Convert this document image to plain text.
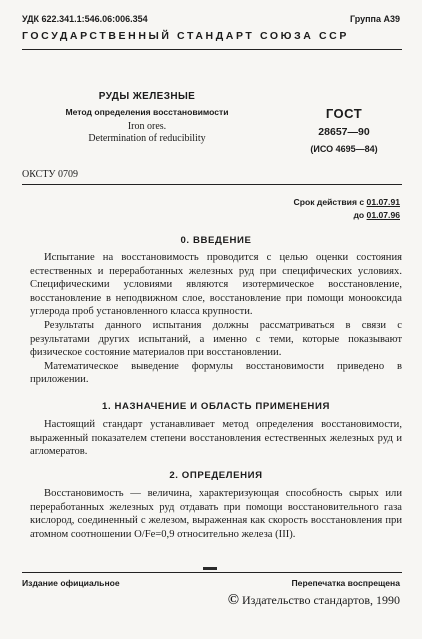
УДК 622.341.1:546.06:006.354	Группа А39
ГОСУДАРСТВЕННЫЙ СТАНДАРТ СОЮЗА ССР
РУДЫ ЖЕЛЕЗНЫЕ
Метод определения восстановимости
Iron ores.
Determination of reducibility
ГОСТ
28657—90
(ИСО 4695—84)
ОКСТУ 0709
Срок действия с 01.07.91
до 01.07.96
0. ВВЕДЕНИЕ

Испытание на восстановимость проводится с целью оценки состояния естественных и переработанных железных руд при специфических условиях. Специфическими условиями являются изотермическое восстановление, восстановление в неподвижном слое, восстановление при помощи монооксида углерода проб установленного класса крупности.

Результаты данного испытания должны рассматриваться в связи с результатами других испытаний, а именно с теми, которые показывают физическое состояние материалов при восстановлении.

Математическое выведение формулы восстановимости приведено в приложении.

1. НАЗНАЧЕНИЕ И ОБЛАСТЬ ПРИМЕНЕНИЯ

Настоящий стандарт устанавливает метод определения восстановимости, выраженный показателем степени восстановления естественных железных руд и агломератов.

2. ОПРЕДЕЛЕНИЯ

Восстановимость — величина, характеризующая способность сырых или переработанных железных руд отдавать при помощи восстановительного газа кислород, соединенный с железом, выраженная как скорость восстановления при атомном соотношении O/Fe=0,9 относительно железа (III).

Издание официальное	Перепечатка воспрещена
© Издательство стандартов, 1990
